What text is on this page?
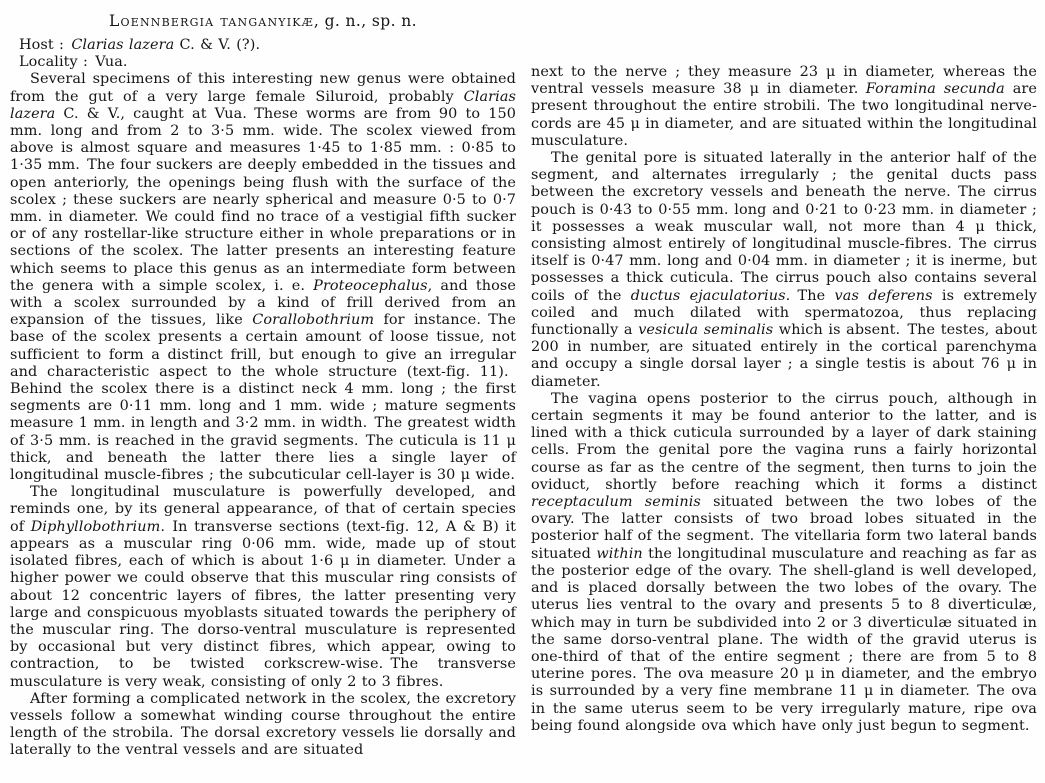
Loennbergia tanganyikæ, g. n., sp. n.

Host : Clarias lazera C. & V. (?).

Locality : Vua.

Several specimens of this interesting new genus were obtained from the gut of a very large female Siluroid, probably Clarias lazera C. & V., caught at Vua. These worms are from 90 to 150 mm. long and from 2 to 3·5 mm. wide. The scolex viewed from above is almost square and measures 1·45 to 1·85 mm. : 0·85 to 1·35 mm. The four suckers are deeply embedded in the tissues and open anteriorly, the openings being flush with the surface of the scolex ; these suckers are nearly spherical and measure 0·5 to 0·7 mm. in diameter. We could find no trace of a vestigial fifth sucker or of any rostellar-like structure either in whole preparations or in sections of the scolex. The latter presents an interesting feature which seems to place this genus as an intermediate form between the genera with a simple scolex, i. e. Proteocephalus, and those with a scolex surrounded by a kind of frill derived from an expansion of the tissues, like Corallobothrium for instance. The base of the scolex presents a certain amount of loose tissue, not sufficient to form a distinct frill, but enough to give an irregular and characteristic aspect to the whole structure (text-fig. 11). Behind the scolex there is a distinct neck 4 mm. long ; the first segments are 0·11 mm. long and 1 mm. wide ; mature segments measure 1 mm. in length and 3·2 mm. in width. The greatest width of 3·5 mm. is reached in the gravid segments. The cuticula is 11 μ thick, and beneath the latter there lies a single layer of longitudinal muscle-fibres ; the subcuticular cell-layer is 30 μ wide.

The longitudinal musculature is powerfully developed, and reminds one, by its general appearance, of that of certain species of Diphyllobothrium. In transverse sections (text-fig. 12, A & B) it appears as a muscular ring 0·06 mm. wide, made up of stout isolated fibres, each of which is about 1·6 μ in diameter. Under a higher power we could observe that this muscular ring consists of about 12 concentric layers of fibres, the latter presenting very large and conspicuous myoblasts situated towards the periphery of the muscular ring. The dorso-ventral musculature is represented by occasional but very distinct fibres, which appear, owing to contraction, to be twisted corkscrew-wise. The transverse musculature is very weak, consisting of only 2 to 3 fibres.

After forming a complicated network in the scolex, the excretory vessels follow a somewhat winding course throughout the entire length of the strobila. The dorsal excretory vessels lie dorsally and laterally to the ventral vessels and are situated

next to the nerve ; they measure 23 μ in diameter, whereas the ventral vessels measure 38 μ in diameter. Foramina secunda are present throughout the entire strobili. The two longitudinal nerve-cords are 45 μ in diameter, and are situated within the longitudinal musculature.

The genital pore is situated laterally in the anterior half of the segment, and alternates irregularly ; the genital ducts pass between the excretory vessels and beneath the nerve. The cirrus pouch is 0·43 to 0·55 mm. long and 0·21 to 0·23 mm. in diameter ; it possesses a weak muscular wall, not more than 4 μ thick, consisting almost entirely of longitudinal muscle-fibres. The cirrus itself is 0·47 mm. long and 0·04 mm. in diameter ; it is inerme, but possesses a thick cuticula. The cirrus pouch also contains several coils of the ductus ejaculatorius. The vas deferens is extremely coiled and much dilated with spermatozoa, thus replacing functionally a vesicula seminalis which is absent. The testes, about 200 in number, are situated entirely in the cortical parenchyma and occupy a single dorsal layer ; a single testis is about 76 μ in diameter.

The vagina opens posterior to the cirrus pouch, although in certain segments it may be found anterior to the latter, and is lined with a thick cuticula surrounded by a layer of dark staining cells. From the genital pore the vagina runs a fairly horizontal course as far as the centre of the segment, then turns to join the oviduct, shortly before reaching which it forms a distinct receptaculum seminis situated between the two lobes of the ovary. The latter consists of two broad lobes situated in the posterior half of the segment. The vitellaria form two lateral bands situated within the longitudinal musculature and reaching as far as the posterior edge of the ovary. The shell-gland is well developed, and is placed dorsally between the two lobes of the ovary. The uterus lies ventral to the ovary and presents 5 to 8 diverticulæ, which may in turn be subdivided into 2 or 3 diverticulæ situated in the same dorso-ventral plane. The width of the gravid uterus is one-third of that of the entire segment ; there are from 5 to 8 uterine pores. The ova measure 20 μ in diameter, and the embryo is surrounded by a very fine membrane 11 μ in diameter. The ova in the same uterus seem to be very irregularly mature, ripe ova being found alongside ova which have only just begun to segment.
